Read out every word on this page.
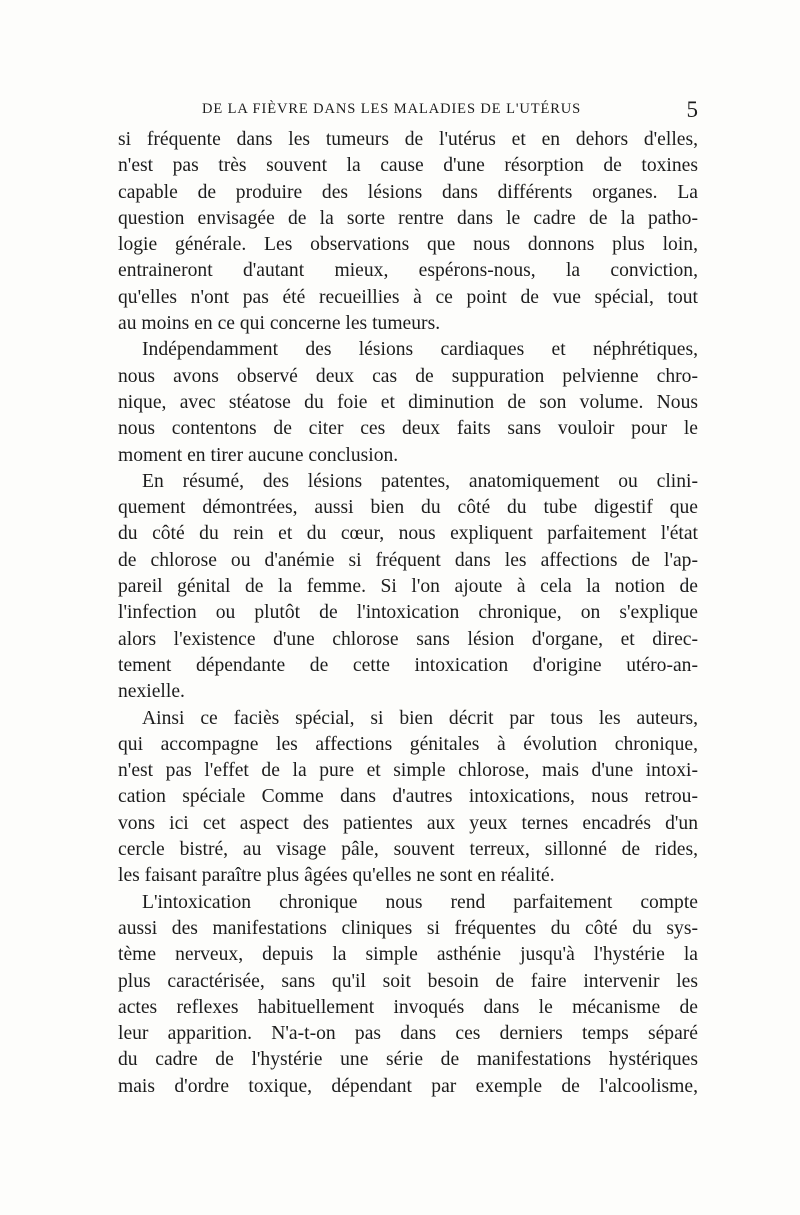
DE LA FIÈVRE DANS LES MALADIES DE L'UTÉRUS	5
si fréquente dans les tumeurs de l'utérus et en dehors d'elles,
n'est pas très souvent la cause d'une résorption de toxines
capable de produire des lésions dans différents organes. La
question envisagée de la sorte rentre dans le cadre de la patho-
logie générale. Les observations que nous donnons plus loin,
entraineront d'autant mieux, espérons-nous, la conviction,
qu'elles n'ont pas été recueillies à ce point de vue spécial, tout
au moins en ce qui concerne les tumeurs.
Indépendamment des lésions cardiaques et néphrétiques,
nous avons observé deux cas de suppuration pelvienne chro-
nique, avec stéatose du foie et diminution de son volume. Nous
nous contentons de citer ces deux faits sans vouloir pour le
moment en tirer aucune conclusion.
En résumé, des lésions patentes, anatomiquement ou clini-
quement démontrées, aussi bien du côté du tube digestif que
du côté du rein et du cœur, nous expliquent parfaitement l'état
de chlorose ou d'anémie si fréquent dans les affections de l'ap-
pareil génital de la femme. Si l'on ajoute à cela la notion de
l'infection ou plutôt de l'intoxication chronique, on s'explique
alors l'existence d'une chlorose sans lésion d'organe, et direc-
tement dépendante de cette intoxication d'origine utéro-an-
nexielle.
Ainsi ce faciès spécial, si bien décrit par tous les auteurs,
qui accompagne les affections génitales à évolution chronique,
n'est pas l'effet de la pure et simple chlorose, mais d'une intoxi-
cation spéciale Comme dans d'autres intoxications, nous retrou-
vons ici cet aspect des patientes aux yeux ternes encadrés d'un
cercle bistré, au visage pâle, souvent terreux, sillonné de rides,
les faisant paraître plus âgées qu'elles ne sont en réalité.
L'intoxication chronique nous rend parfaitement compte
aussi des manifestations cliniques si fréquentes du côté du sys-
tème nerveux, depuis la simple asthénie jusqu'à l'hystérie la
plus caractérisée, sans qu'il soit besoin de faire intervenir les
actes reflexes habituellement invoqués dans le mécanisme de
leur apparition. N'a-t-on pas dans ces derniers temps séparé
du cadre de l'hystérie une série de manifestations hystériques
mais d'ordre toxique, dépendant par exemple de l'alcoolisme,
